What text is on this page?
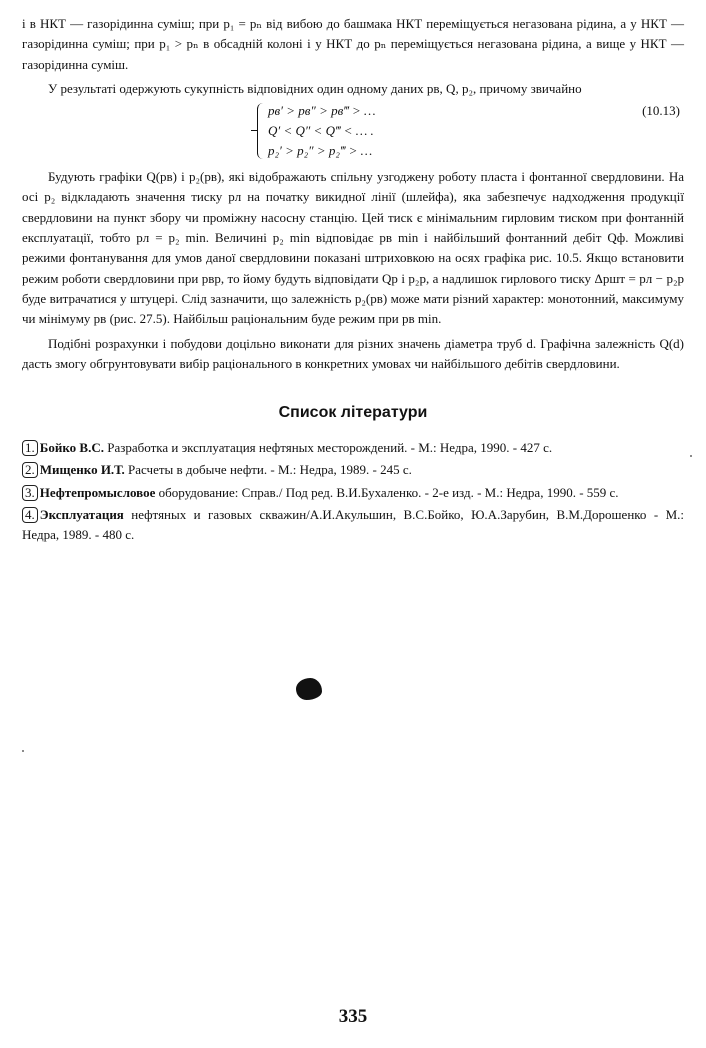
і в НКТ — газорідинна суміш; при p₁ = pₙ від вибою до башмака НКТ переміщується негазована рідина, а у НКТ — газорідинна суміш; при p₁ > pₙ в обсадній колоні і у НКТ до pₙ переміщується негазована рідина, а вище у НКТ — газорідинна суміш.

У результаті одержують сукупність відповідних один одному даних pв, Q, p₂, причому звичайно

pв′ > pв″ > pв‴ > …
Q′ < Q″ < Q‴ < … .
p₂′ > p₂″ > p₂‴ > …
(10.13)

Будують графіки Q(pв) і p₂(pв), які відображають спільну узгоджену роботу пласта і фонтанної свердловини. На осі p₂ відкладають значення тиску pл на початку викидної лінії (шлейфа), яка забезпечує надходження продукції свердловини на пункт збору чи проміжну насосну станцію. Цей тиск є мінімальним гирловим тиском при фонтанній експлуатації, тобто pл = p₂ min. Величині p₂ min відповідає pв min і найбільший фонтанний дебіт Qф. Можливі режими фонтанування для умов даної свердловини показані штриховкою на осях графіка рис. 10.5. Якщо встановити режим роботи свердловини при pвр, то йому будуть відповідати Qр і p₂р, а надлишок гирлового тиску Δpшт = pл − p₂р буде витрачатися у штуцері. Слід зазначити, що залежність p₂(pв) може мати різний характер: монотонний, максимуму чи мінімуму pв (рис. 27.5). Найбільш раціональним буде режим при pв min.

Подібні розрахунки і побудови доцільно виконати для різних значень діаметра труб d. Графічна залежність Q(d) дасть змогу обгрунтовувати вибір раціонального в конкретних умовах чи найбільшого дебітів свердловини.

Список літератури
1. Бойко В.С. Разработка и эксплуатация нефтяных месторождений. - М.: Недра, 1990. - 427 с.
2. Мищенко И.Т. Расчеты в добыче нефти. - М.: Недра, 1989. - 245 с.
3. Нефтепромысловое оборудование: Справ./ Под ред. В.И.Бухаленко. - 2-е изд. - М.: Недра, 1990. - 559 с.
4. Эксплуатация нефтяных и газовых скважин/А.И.Акульшин, В.С.Бойко, Ю.А.Зарубин, В.М.Дорошенко - М.: Недра, 1989. - 480 с.
335
